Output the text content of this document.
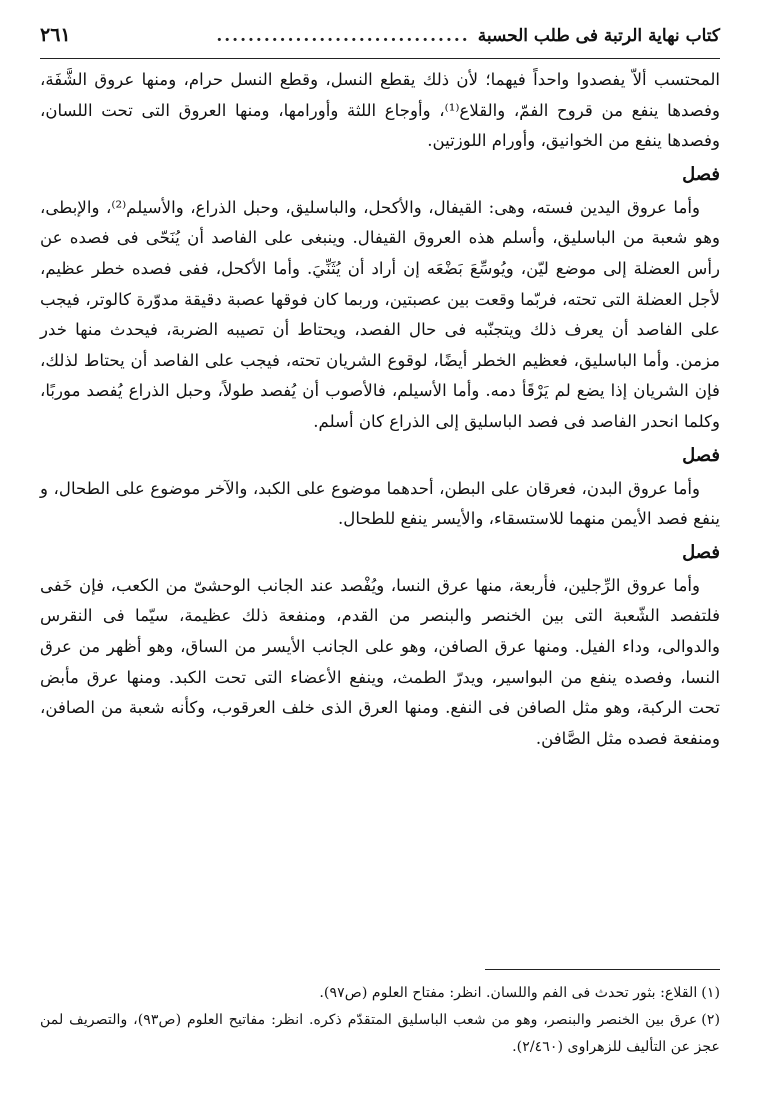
كتاب نهاية الرتبة فى طلب الحسبة
................................
٢٦١

المحتسب ألاّ يفصدوا واحداً فيهما؛ لأن ذلك يقطع النسل، وقطع النسل حرام، ومنها عروق الشَّفَة، وفصدها ينفع من قروح الفمّ، والقلاع⁽¹⁾، وأوجاع اللثة وأورامها، ومنها العروق التى تحت اللسان، وفصدها ينفع من الخوانيق، وأورام اللوزتين.

فصل

وأما عروق اليدين فسته، وهى: القيفال، والأكحل، والباسليق، وحبل الذراع، والأسيلم⁽²⁾، والإبطى، وهو شعبة من الباسليق، وأسلم هذه العروق القيفال. وينبغى على الفاصد أن يُنَحّى فى فصده عن رأس العضلة إلى موضع ليّن، ويُوسِّعَ بَضْعَه إن أراد أن يُثَنِّيَ. وأما الأكحل، ففى فصده خطر عظيم، لأجل العضلة التى تحته، فربّما وقعت بين عصبتين، وربما كان فوقها عصبة دقيقة مدوّرة كالوتر، فيجب على الفاصد أن يعرف ذلك ويتجنّبه فى حال الفصد، ويحتاط أن تصيبه الضربة، فيحدث منها خدر مزمن. وأما الباسليق، فعظيم الخطر أيضًا، لوقوع الشريان تحته، فيجب على الفاصد أن يحتاط لذلك، فإن الشريان إذا يضع لم يَرْقَأ دمه. وأما الأسيلم، فالأصوب أن يُفصد طولاً، وحبل الذراع يُفصد موربًا، وكلما انحدر الفاصد فى فصد الباسليق إلى الذراع كان أسلم.

فصل

وأما عروق البدن، فعرقان على البطن، أحدهما موضوع على الكبد، والآخر موضوع على الطحال، و ينفع فصد الأيمن منهما للاستسقاء، والأيسر ينفع للطحال.

فصل

وأما عروق الرِّجلين، فأربعة، منها عرق النسا، ويُفْصد عند الجانب الوحشىّ من الكعب، فإن خَفى فلتفصد الشّعبة التى بين الخنصر والبنصر من القدم، ومنفعة ذلك عظيمة، سيّما فى النقرس والدوالى، وداء الفيل. ومنها عرق الصافن، وهو على الجانب الأيسر من الساق، وهو أظهر من عرق النسا، وفصده ينفع من البواسير، ويدرّ الطمث، وينفع الأعضاء التى تحت الكبد. ومنها عرق مأبض تحت الركبة، وهو مثل الصافن فى النفع. ومنها العرق الذى خلف العرقوب، وكأنه شعبة من الصافن، ومنفعة فصده مثل الصَّافن.

(١)القلاع: بثور تحدث فى الفم واللسان. انظر: مفتاح العلوم (ص٩٧).
(٢)عرق بين الخنصر والبنصر، وهو من شعب الباسليق المتقدّم ذكره. انظر: مفاتيح العلوم (ص٩٣)، والتصريف لمن عجز عن التأليف للزهراوى (٢/٤٦٠).
